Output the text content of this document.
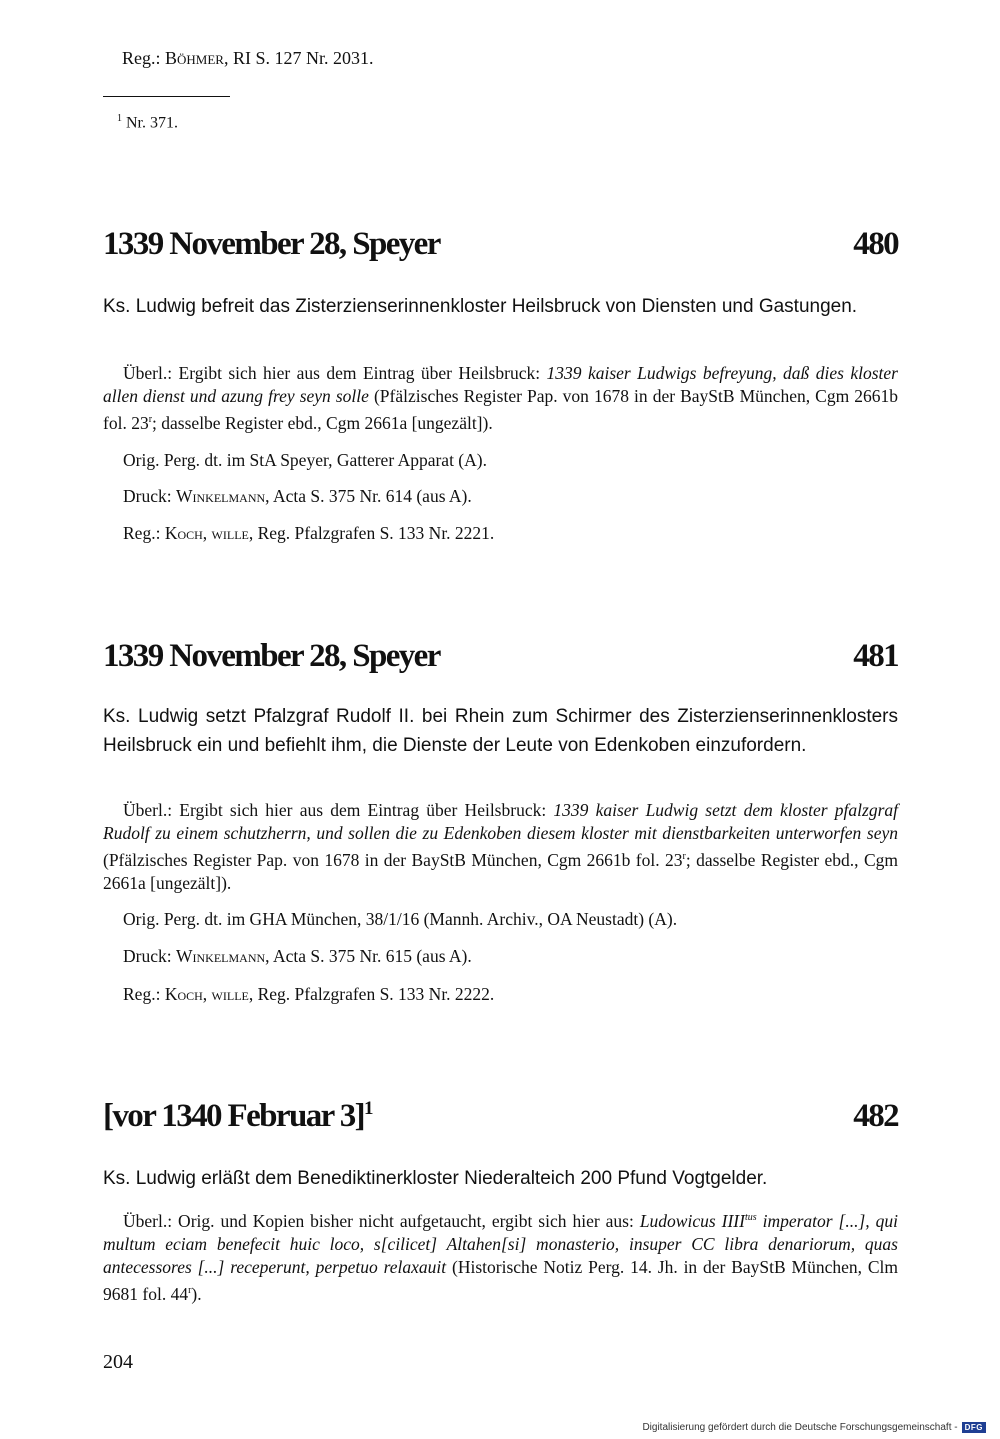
Reg.: Böhmer, RI S. 127 Nr. 2031.
$^1$ Nr. 371.
1339 November 28, Speyer	480
Ks. Ludwig befreit das Zisterzienserinnenkloster Heilsbruck von Diensten und Gastungen.
Überl.: Ergibt sich hier aus dem Eintrag über Heilsbruck: 1339 kaiser Ludwigs befreyung, daß dies kloster allen dienst und azung frey seyn solle (Pfälzisches Register Pap. von 1678 in der BayStB München, Cgm 2661b fol. 23$^r$; dasselbe Register ebd., Cgm 2661a [ungezält]).
Orig. Perg. dt. im StA Speyer, Gatterer Apparat (A).
Druck: Winkelmann, Acta S. 375 Nr. 614 (aus A).
Reg.: Koch, wille, Reg. Pfalzgrafen S. 133 Nr. 2221.
1339 November 28, Speyer	481
Ks. Ludwig setzt Pfalzgraf Rudolf II. bei Rhein zum Schirmer des Zisterzienserinnenklosters Heilsbruck ein und befiehlt ihm, die Dienste der Leute von Edenkoben einzufordern.
Überl.: Ergibt sich hier aus dem Eintrag über Heilsbruck: 1339 kaiser Ludwig setzt dem kloster pfalzgraf Rudolf zu einem schutzherrn, und sollen die zu Edenkoben diesem kloster mit dienstbarkeiten unterworfen seyn (Pfälzisches Register Pap. von 1678 in der BayStB München, Cgm 2661b fol. 23$^r$; dasselbe Register ebd., Cgm 2661a [ungezält]).
Orig. Perg. dt. im GHA München, 38/1/16 (Mannh. Archiv., OA Neustadt) (A).
Druck: Winkelmann, Acta S. 375 Nr. 615 (aus A).
Reg.: Koch, wille, Reg. Pfalzgrafen S. 133 Nr. 2222.
[vor 1340 Februar 3]$^1$	482
Ks. Ludwig erläßt dem Benediktinerkloster Niederalteich 200 Pfund Vogtgelder.
Überl.: Orig. und Kopien bisher nicht aufgetaucht, ergibt sich hier aus: Ludowicus $IIII^{tus}$ imperator [...], qui multum eciam benefecit huic loco, s[cilicet] Altahen[si] monasterio, insuper CC libra denariorum, quas antecessores [...] receperunt, perpetuo relaxauit (Historische Notiz Perg. 14. Jh. in der BayStB München, Clm 9681 fol. 44$^r$).
204
Digitalisierung gefördert durch die Deutsche Forschungsgemeinschaft - DFG
